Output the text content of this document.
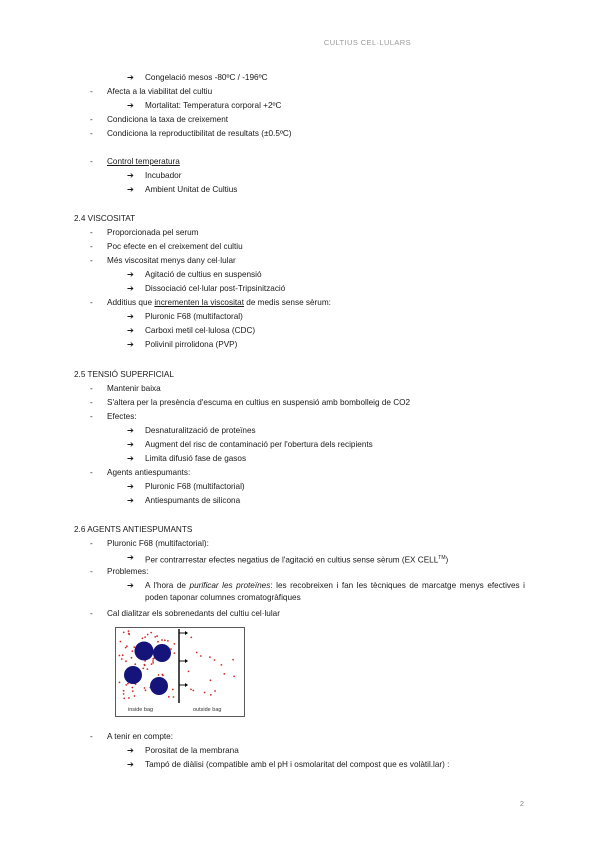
CULTIUS CEL·LULARS
➔ Congelació mesos -80ºC / -196ºC
- Afecta a la viabilitat del cultiu
➔ Mortalitat: Temperatura corporal +2ºC
- Condiciona la taxa de creixement
- Condiciona la reproductibilitat de resultats (±0.5ºC)
- Control temperatura
➔ Incubador
➔ Ambient Unitat de Cultius
2.4 VISCOSITAT
- Proporcionada pel serum
- Poc efecte en el creixement del cultiu
- Més viscositat menys dany cel·lular
➔ Agitació de cultius en suspensió
➔ Dissociació cel·lular post-Tripsinització
- Additius que incrementen la viscositat de medis sense sèrum:
➔ Pluronic F68 (multifactoral)
➔ Carboxi metil cel·lulosa (CDC)
➔ Polivinil pirrolidona (PVP)
2.5 TENSIÓ SUPERFICIAL
- Mantenir baixa
- S'altera per la presència d'escuma en cultius en suspensió amb bombolleig de CO2
- Efectes:
➔ Desnaturalització de proteïnes
➔ Augment del risc de contaminació per l'obertura dels recipients
➔ Limita difusió fase de gasos
- Agents antiespumants:
➔ Pluronic F68 (multifactorial)
➔ Antiespumants de silicona
2.6 AGENTS ANTIESPUMANTS
- Pluronic F68 (multifactorial):
➔ Per contrarrestar efectes negatius de l'agitació en cultius sense sèrum (EX CELL™)
- Problemes:
➔ A l'hora de purificar les proteïnes: les recobreixen i fan les tècniques de marcatge menys efectives i poden taponar columnes cromatogràfiques
- Cal dialitzar els sobrenedants del cultiu cel·lular
inside bag	outside bag
- A tenir en compte:
➔ Porositat de la membrana
➔ Tampó de diàlisi (compatible amb el pH i osmolaritat del compost que es volàtil.lar) :
2
